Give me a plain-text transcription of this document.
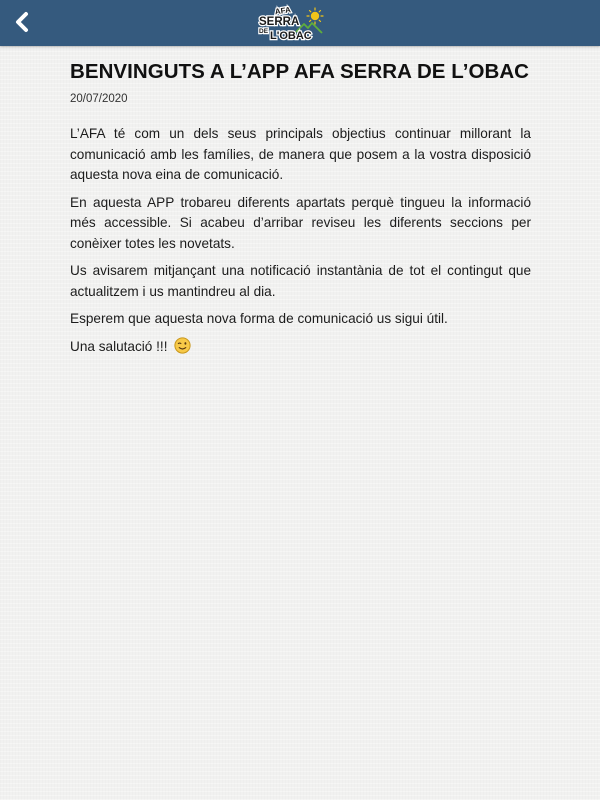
AFA
SERRA
DE L'OBAC
BENVINGUTS A L’APP AFA SERRA DE L’OBAC
20/07/2020

L’AFA té com un dels seus principals objectius continuar millorant la comunicació amb les famílies, de manera que posem a la vostra disposició aquesta nova eina de comunicació.

En aquesta APP trobareu diferents apartats perquè tingueu la informació més accessible. Si acabeu d’arribar reviseu les diferents seccions per conèixer totes les novetats.

Us avisarem mitjançant una notificació instantània de tot el contingut que actualitzem i us mantindreu al dia.

Esperem que aquesta nova forma de comunicació us sigui útil.

Una salutació !!!
